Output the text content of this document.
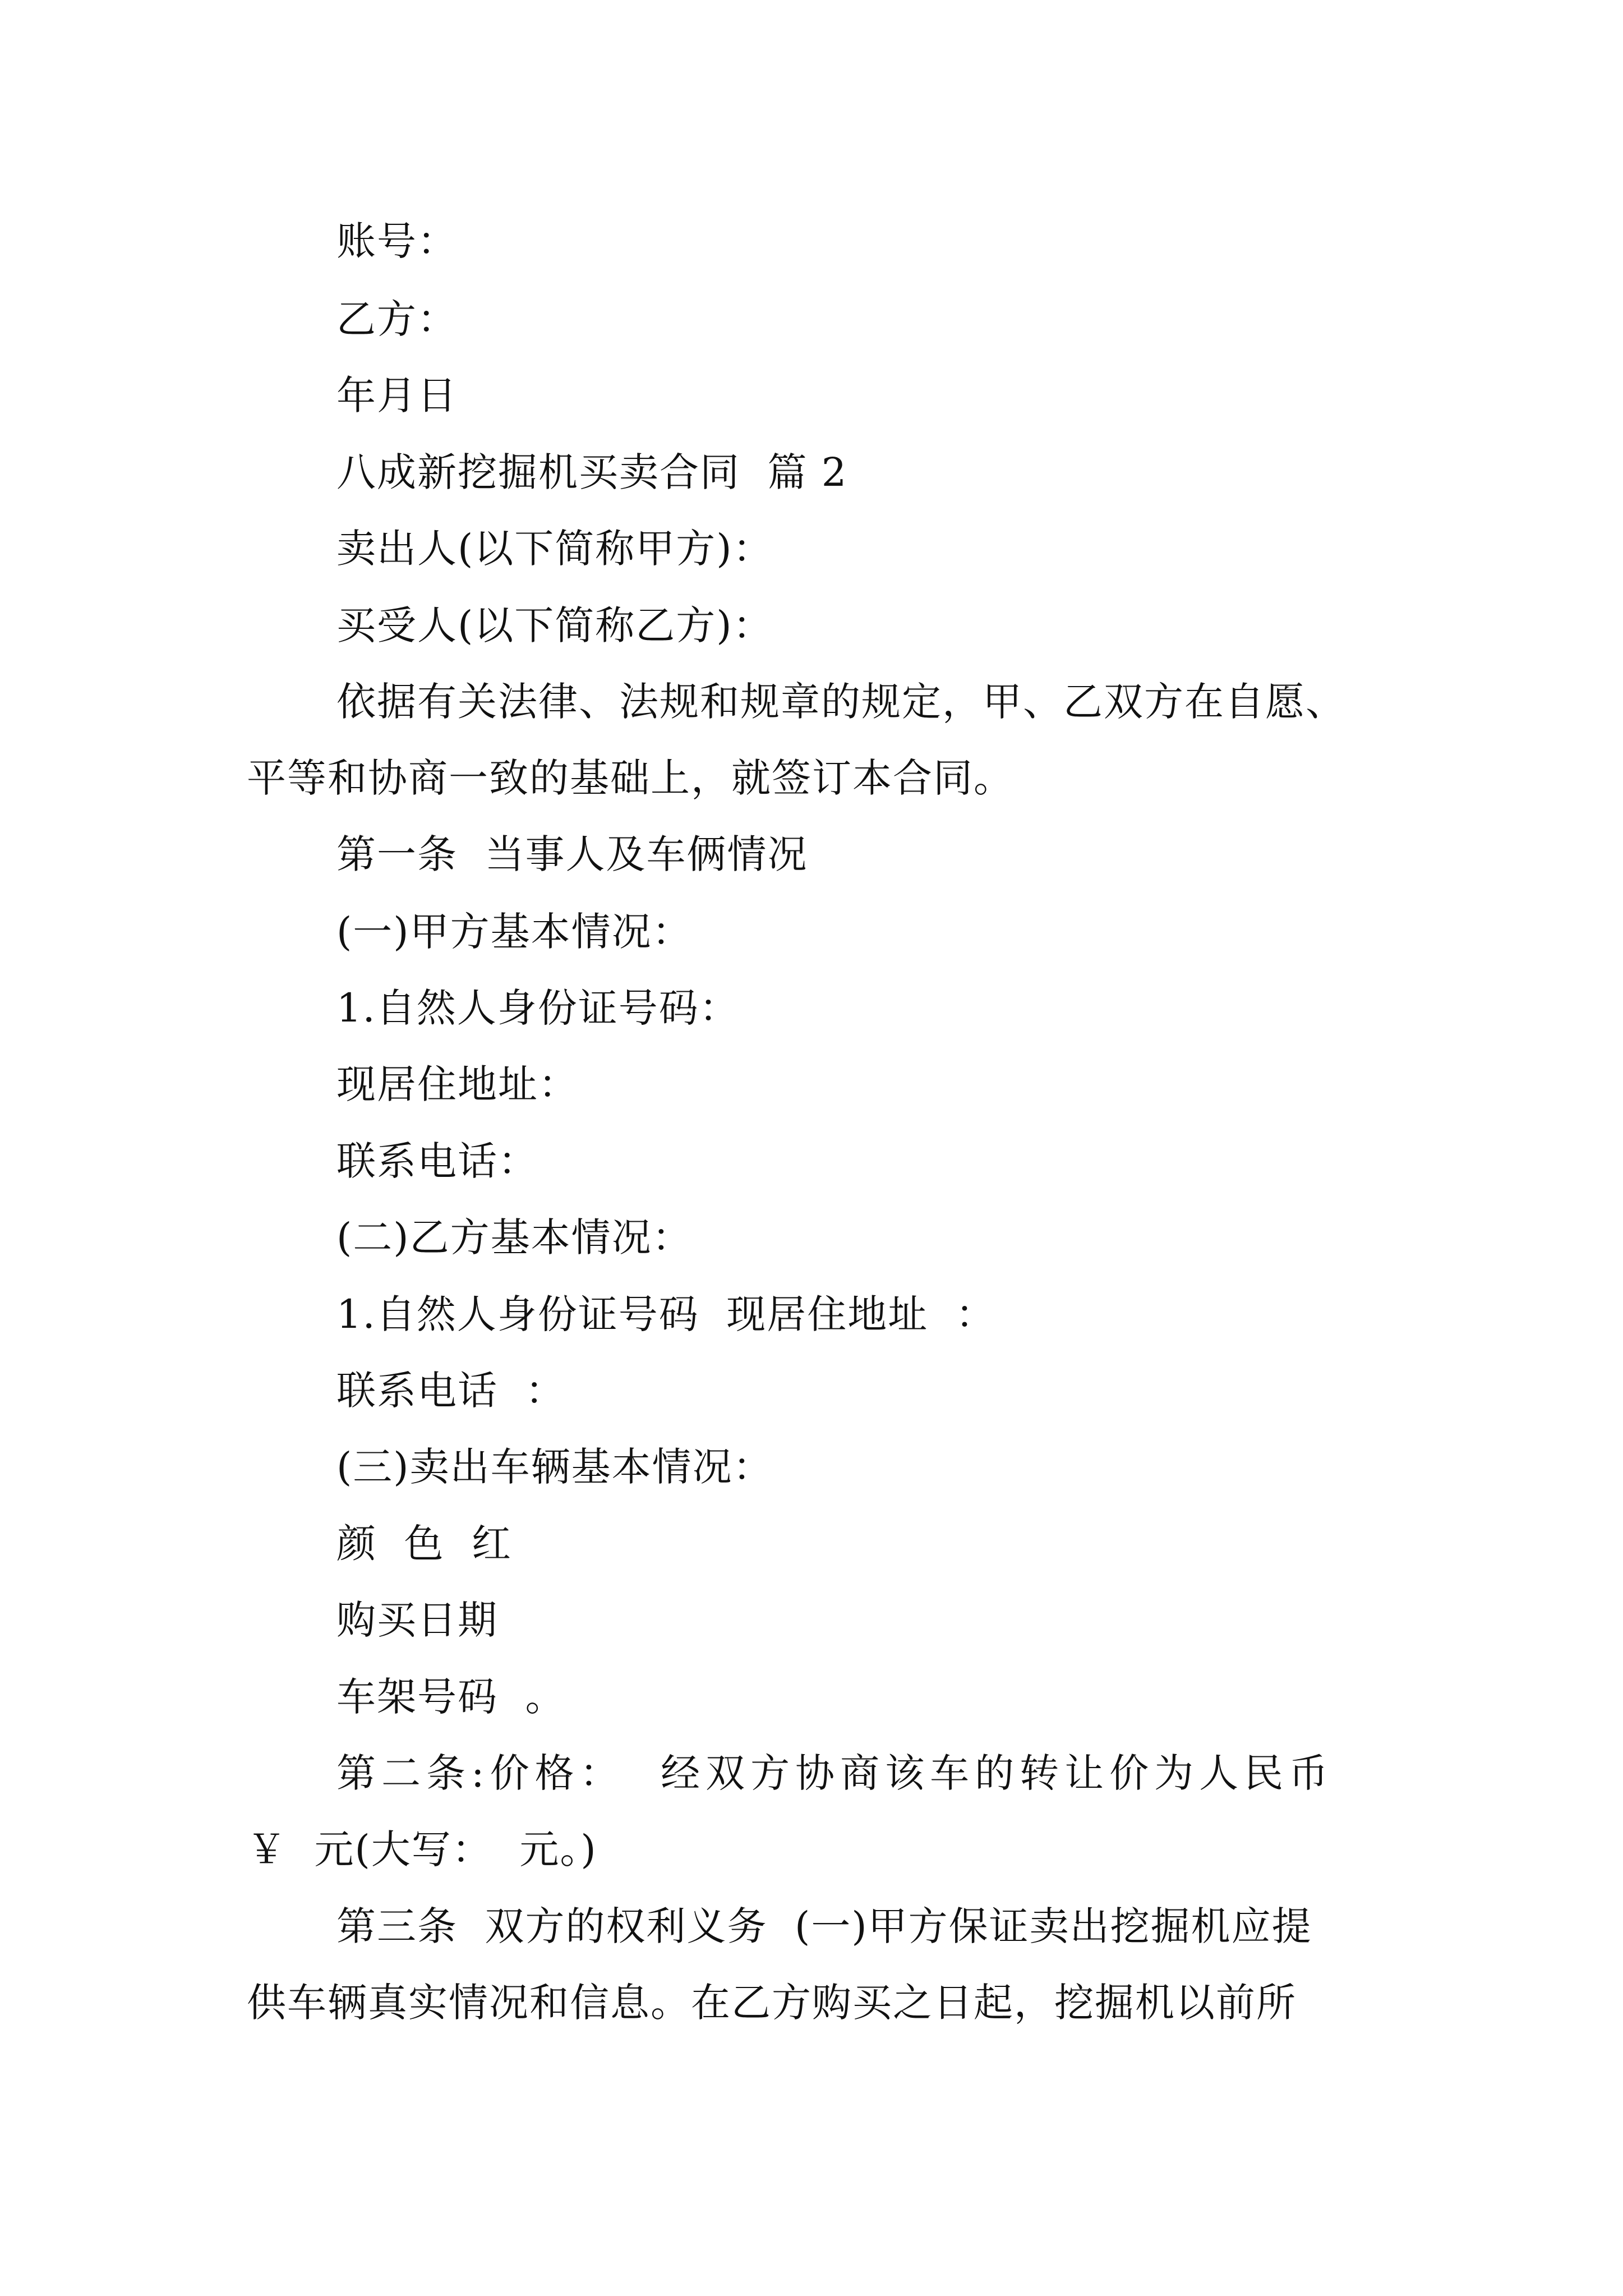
账号：
乙方：
年月日
八成新挖掘机买卖合同  篇 2
卖出人(以下简称甲方)：
买受人(以下简称乙方)：
依据有关法律、法规和规章的规定，甲、乙双方在自愿、
平等和协商一致的基础上，就签订本合同。
第一条  当事人及车俩情况
(一)甲方基本情况：
1.自然人身份证号码：
现居住地址：
联系电话：
(二)乙方基本情况：
1.自然人身份证号码  现居住地址  ：
联系电话  ：
(三)卖出车辆基本情况：
颜  色  红
购买日期
车架号码  。
第二条:价格：  经双方协商该车的转让价为人民币
￥  元(大写：  元。)
第三条  双方的权利义务  (一)甲方保证卖出挖掘机应提
供车辆真实情况和信息。在乙方购买之日起，挖掘机以前所
